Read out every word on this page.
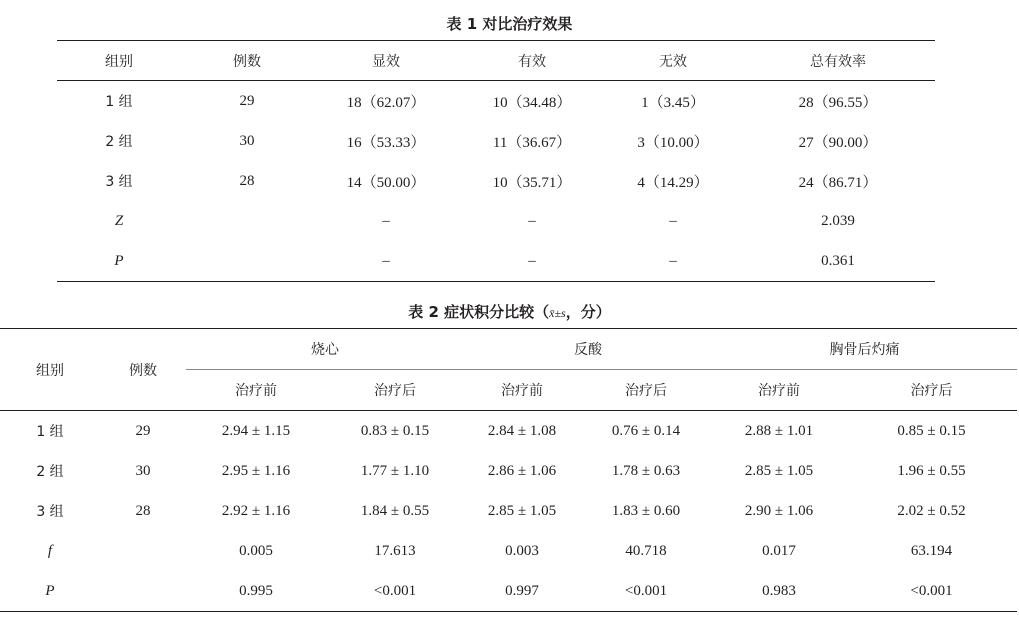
表 1 对比治疗效果
组别	例数	显效	有效	无效	总有效率
1 组	29	18（62.07）	10（34.48）	1（3.45）	28（96.55）
2 组	30	16（53.33）	11（36.67）	3（10.00）	27（90.00）
3 组	28	14（50.00）	10（35.71）	4（14.29）	24（86.71）
Z		–	–	–	2.039
P		–	–	–	0.361
表 2 症状积分比较（x̄±s，分）
组别	例数	烧心		反酸		胸骨后灼痛	
		治疗前	治疗后	治疗前	治疗后	治疗前	治疗后
1 组	29	2.94 ± 1.15	0.83 ± 0.15	2.84 ± 1.08	0.76 ± 0.14	2.88 ± 1.01	0.85 ± 0.15
2 组	30	2.95 ± 1.16	1.77 ± 1.10	2.86 ± 1.06	1.78 ± 0.63	2.85 ± 1.05	1.96 ± 0.55
3 组	28	2.92 ± 1.16	1.84 ± 0.55	2.85 ± 1.05	1.83 ± 0.60	2.90 ± 1.06	2.02 ± 0.52
f		0.005	17.613	0.003	40.718	0.017	63.194
P		0.995	<0.001	0.997	<0.001	0.983	<0.001
